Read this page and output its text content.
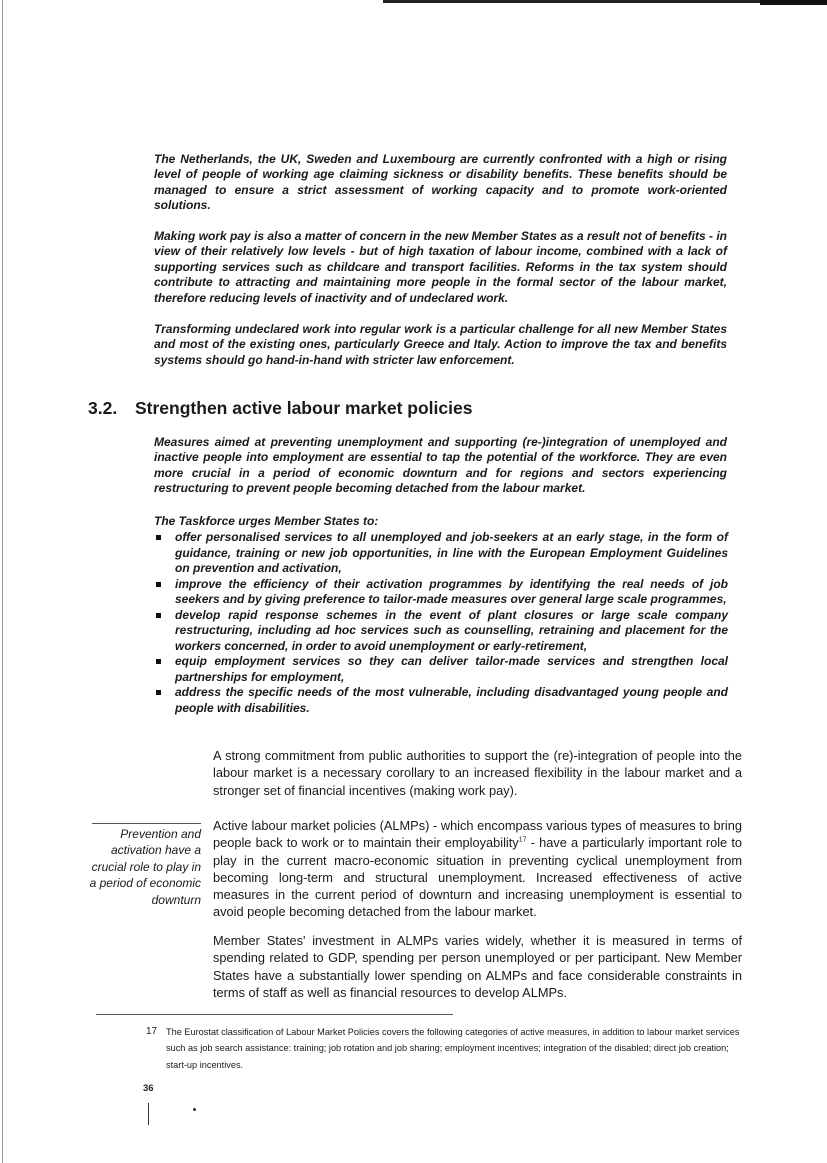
The Netherlands, the UK, Sweden and Luxembourg are currently confronted with a high or rising level of people of working age claiming sickness or disability benefits. These benefits should be managed to ensure a strict assessment of working capacity and to promote work-oriented solutions.

Making work pay is also a matter of concern in the new Member States as a result not of benefits - in view of their relatively low levels - but of high taxation of labour income, combined with a lack of supporting services such as childcare and transport facilities. Reforms in the tax system should contribute to attracting and maintaining more people in the formal sector of the labour market, therefore reducing levels of inactivity and of undeclared work.

Transforming undeclared work into regular work is a particular challenge for all new Member States and most of the existing ones, particularly Greece and Italy. Action to improve the tax and benefits systems should go hand-in-hand with stricter law enforcement.

3.2. Strengthen active labour market policies

Measures aimed at preventing unemployment and supporting (re-)integration of unemployed and inactive people into employment are essential to tap the potential of the workforce. They are even more crucial in a period of economic downturn and for regions and sectors experiencing restructuring to prevent people becoming detached from the labour market.

The Taskforce urges Member States to:

offer personalised services to all unemployed and job-seekers at an early stage, in the form of guidance, training or new job opportunities, in line with the European Employment Guidelines on prevention and activation,
improve the efficiency of their activation programmes by identifying the real needs of job seekers and by giving preference to tailor-made measures over general large scale programmes,
develop rapid response schemes in the event of plant closures or large scale company restructuring, including ad hoc services such as counselling, retraining and placement for the workers concerned, in order to avoid unemployment or early-retirement,
equip employment services so they can deliver tailor-made services and strengthen local partnerships for employment,
address the specific needs of the most vulnerable, including disadvantaged young people and people with disabilities.

A strong commitment from public authorities to support the (re)-integration of people into the labour market is a necessary corollary to an increased flexibility in the labour market and a stronger set of financial incentives (making work pay).

Active labour market policies (ALMPs) - which encompass various types of measures to bring people back to work or to maintain their employability$^{17}$ - have a particularly important role to play in the current macro-economic situation in preventing cyclical unemployment from becoming long-term and structural unemployment. Increased effectiveness of active measures in the current period of downturn and increasing unemployment is essential to avoid people becoming detached from the labour market.

Member States' investment in ALMPs varies widely, whether it is measured in terms of spending related to GDP, spending per person unemployed or per participant. New Member States have a substantially lower spending on ALMPs and face considerable constraints in terms of staff as well as financial resources to develop ALMPs.

Prevention and activation have a crucial role to play in a period of economic downturn

17 The Eurostat classification of Labour Market Policies covers the following categories of active measures, in addition to labour market services such as job search assistance: training; job rotation and job sharing; employment incentives; integration of the disabled; direct job creation; start-up incentives.

36
